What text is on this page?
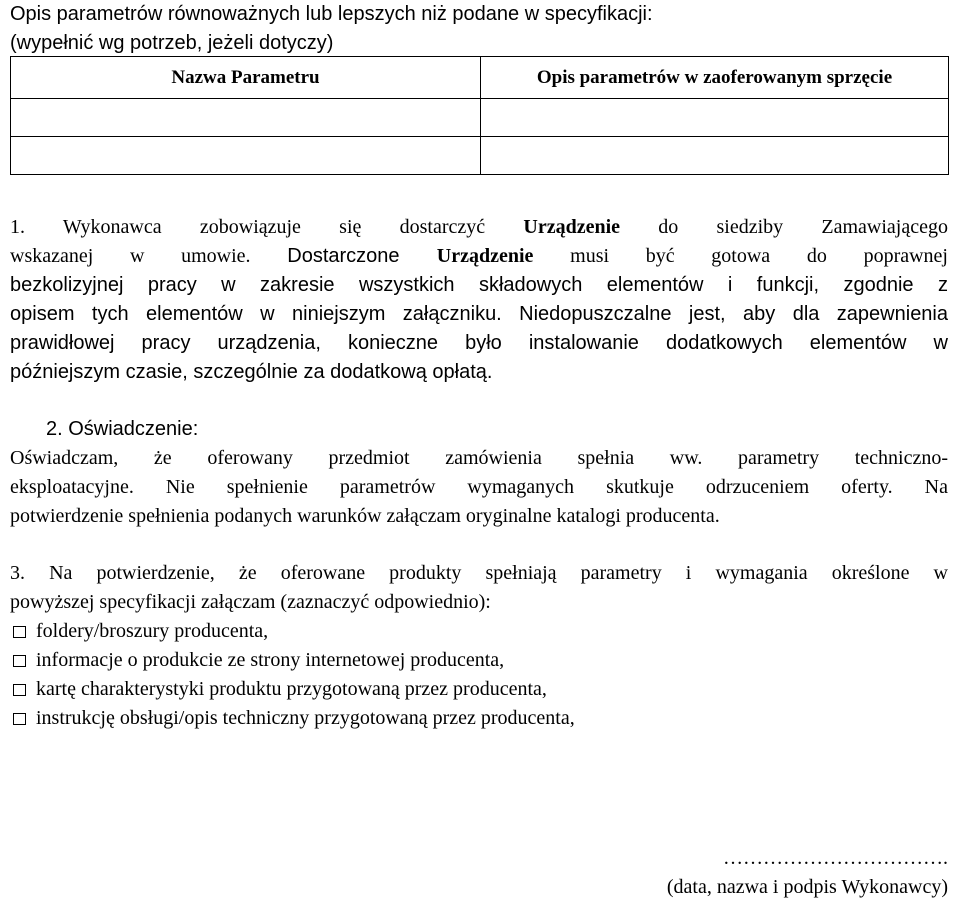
Opis parametrów równoważnych lub lepszych niż podane w specyfikacji:
(wypełnić wg potrzeb, jeżeli dotyczy)
Nazwa Parametru	Opis parametrów w zaoferowanym sprzęcie

1. Wykonawca zobowiązuje się dostarczyć Urządzenie do siedziby Zamawiającego
wskazanej w umowie. Dostarczone Urządzenie musi być gotowa do poprawnej
bezkolizyjnej pracy w zakresie wszystkich składowych elementów i funkcji, zgodnie z
opisem tych elementów w niniejszym załączniku. Niedopuszczalne jest, aby dla zapewnienia
prawidłowej pracy urządzenia, konieczne było instalowanie dodatkowych elementów w
późniejszym czasie, szczególnie za dodatkową opłatą.
2. Oświadczenie:
Oświadczam, że oferowany przedmiot zamówienia spełnia ww. parametry techniczno-
eksploatacyjne. Nie spełnienie parametrów wymaganych skutkuje odrzuceniem oferty. Na
potwierdzenie spełnienia podanych warunków załączam oryginalne katalogi producenta.
3. Na potwierdzenie, że oferowane produkty spełniają parametry i wymagania określone w
powyższej specyfikacji załączam (zaznaczyć odpowiednio):
foldery/broszury producenta,
informacje o produkcie ze strony internetowej producenta,
kartę charakterystyki produktu przygotowaną przez producenta,
instrukcję obsługi/opis techniczny przygotowaną przez producenta,
…………………………….
(data, nazwa i podpis Wykonawcy)
